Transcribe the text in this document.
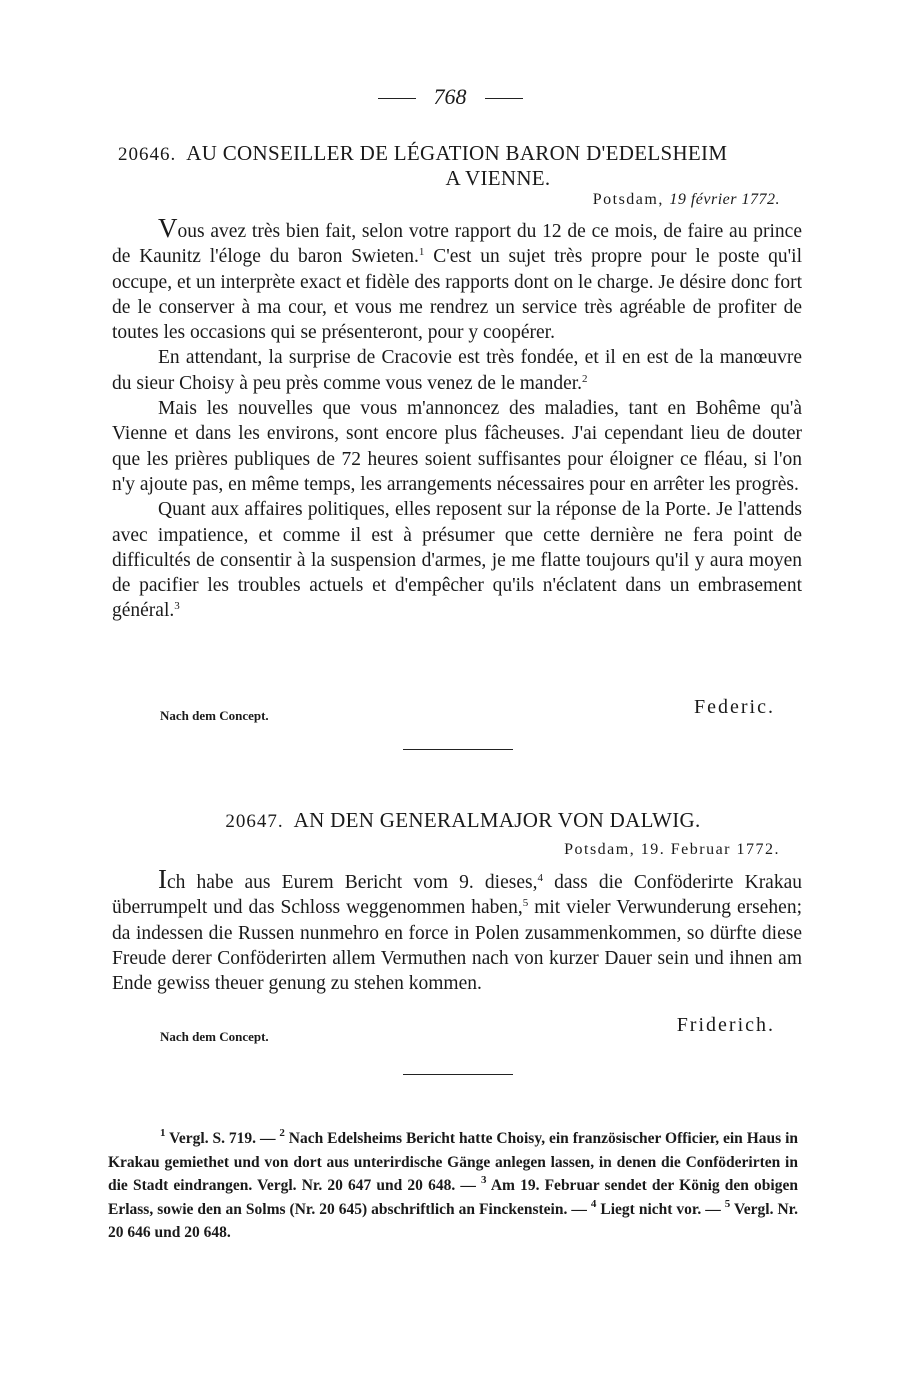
768
20646. AU CONSEILLER DE LÉGATION BARON D'EDELSHEIM
A VIENNE.
Potsdam, 19 février 1772.

Vous avez très bien fait, selon votre rapport du 12 de ce mois, de faire au prince de Kaunitz l'éloge du baron Swieten.$^1$ C'est un sujet très propre pour le poste qu'il occupe, et un interprète exact et fidèle des rapports dont on le charge. Je désire donc fort de le conserver à ma cour, et vous me rendrez un service très agréable de profiter de toutes les occasions qui se présenteront, pour y coopérer.

En attendant, la surprise de Cracovie est très fondée, et il en est de la manœuvre du sieur Choisy à peu près comme vous venez de le mander.$^2$

Mais les nouvelles que vous m'annoncez des maladies, tant en Bohême qu'à Vienne et dans les environs, sont encore plus fâcheuses. J'ai cependant lieu de douter que les prières publiques de 72 heures soient suffisantes pour éloigner ce fléau, si l'on n'y ajoute pas, en même temps, les arrangements nécessaires pour en arrêter les progrès.

Quant aux affaires politiques, elles reposent sur la réponse de la Porte. Je l'attends avec impatience, et comme il est à présumer que cette dernière ne fera point de difficultés de consentir à la suspension d'armes, je me flatte toujours qu'il y aura moyen de pacifier les troubles actuels et d'empêcher qu'ils n'éclatent dans un embrasement général.$^3$

Nach dem Concept.	Federic.
20647. AN DEN GENERALMAJOR VON DALWIG.
Potsdam, 19. Februar 1772.

Ich habe aus Eurem Bericht vom 9. dieses,$^4$ dass die Conföderirte Krakau überrumpelt und das Schloss weggenommen haben,$^5$ mit vieler Verwunderung ersehen; da indessen die Russen nunmehro en force in Polen zusammenkommen, so dürfte diese Freude derer Conföderirten allem Vermuthen nach von kurzer Dauer sein und ihnen am Ende gewiss theuer genung zu stehen kommen.

Nach dem Concept.
Friderich.

$^1$ Vergl. S. 719. — $^2$ Nach Edelsheims Bericht hatte Choisy, ein französischer Officier, ein Haus in Krakau gemiethet und von dort aus unterirdische Gänge anlegen lassen, in denen die Conföderirten in die Stadt eindrangen. Vergl. Nr. 20 647 und 20 648. — $^3$ Am 19. Februar sendet der König den obigen Erlass, sowie den an Solms (Nr. 20 645) abschriftlich an Finckenstein. — $^4$ Liegt nicht vor. — $^5$ Vergl. Nr. 20 646 und 20 648.
